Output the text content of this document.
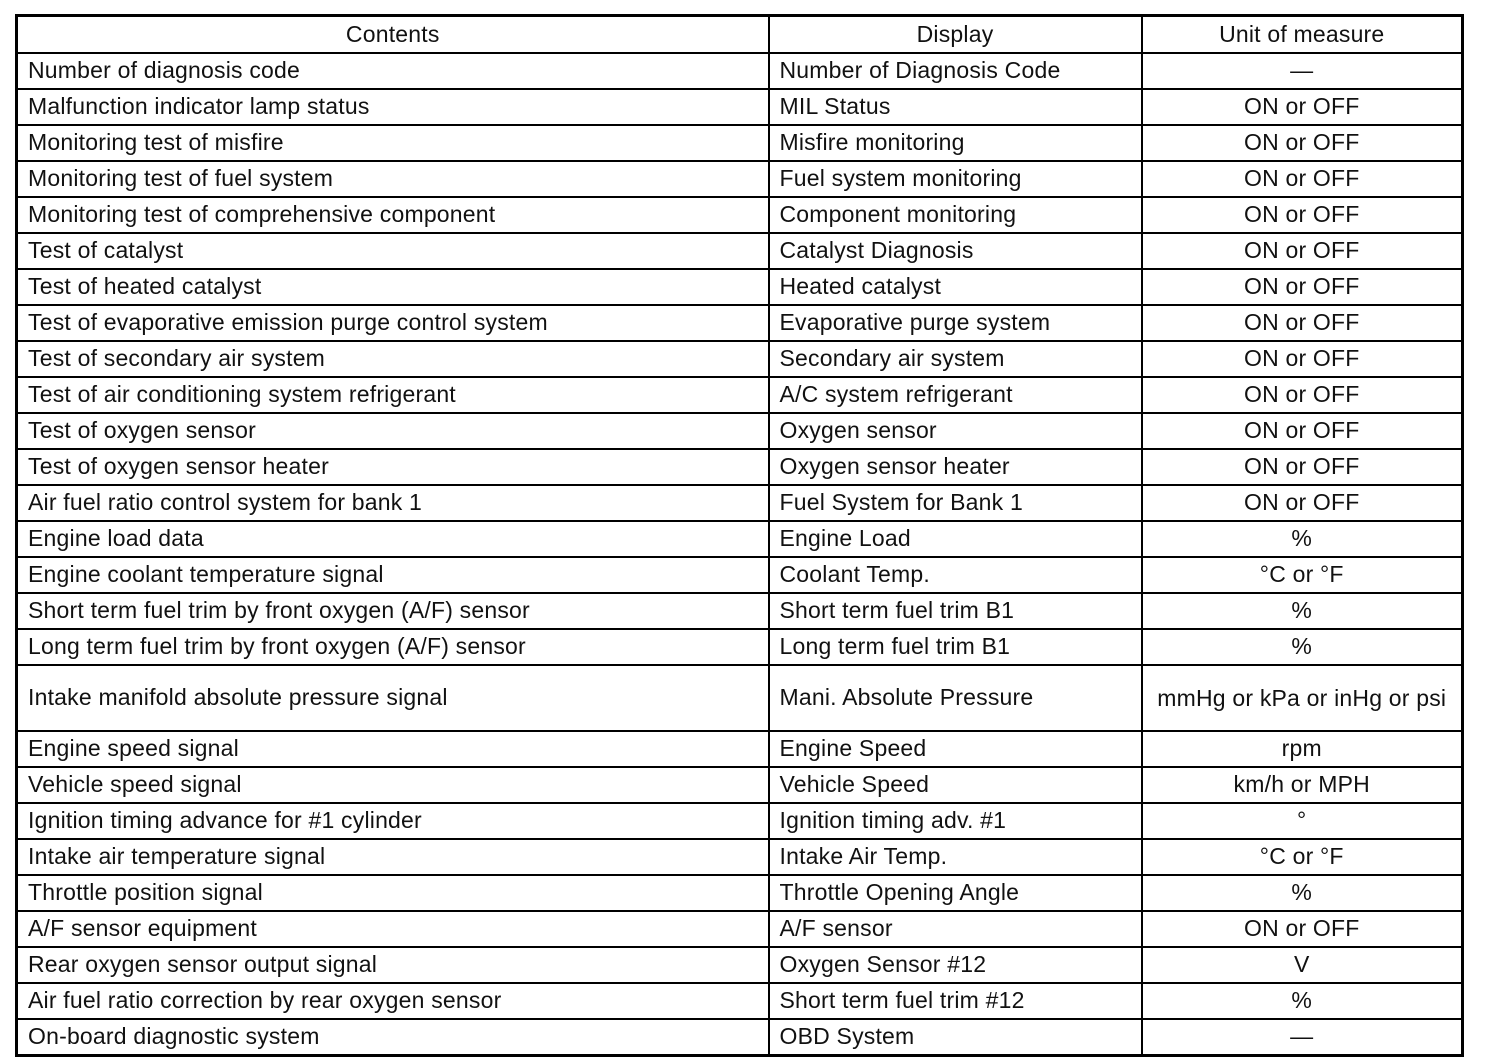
Contents	Display	Unit of measure
Number of diagnosis code	Number of Diagnosis Code	—
Malfunction indicator lamp status	MIL Status	ON or OFF
Monitoring test of misfire	Misfire monitoring	ON or OFF
Monitoring test of fuel system	Fuel system monitoring	ON or OFF
Monitoring test of comprehensive component	Component monitoring	ON or OFF
Test of catalyst	Catalyst Diagnosis	ON or OFF
Test of heated catalyst	Heated catalyst	ON or OFF
Test of evaporative emission purge control system	Evaporative purge system	ON or OFF
Test of secondary air system	Secondary air system	ON or OFF
Test of air conditioning system refrigerant	A/C system refrigerant	ON or OFF
Test of oxygen sensor	Oxygen sensor	ON or OFF
Test of oxygen sensor heater	Oxygen sensor heater	ON or OFF
Air fuel ratio control system for bank 1	Fuel System for Bank 1	ON or OFF
Engine load data	Engine Load	%
Engine coolant temperature signal	Coolant Temp.	°C or °F
Short term fuel trim by front oxygen (A/F) sensor	Short term fuel trim B1	%
Long term fuel trim by front oxygen (A/F) sensor	Long term fuel trim B1	%
Intake manifold absolute pressure signal	Mani. Absolute Pressure	mmHg or kPa or inHg or psi
Engine speed signal	Engine Speed	rpm
Vehicle speed signal	Vehicle Speed	km/h or MPH
Ignition timing advance for #1 cylinder	Ignition timing adv. #1	°
Intake air temperature signal	Intake Air Temp.	°C or °F
Throttle position signal	Throttle Opening Angle	%
A/F sensor equipment	A/F sensor	ON or OFF
Rear oxygen sensor output signal	Oxygen Sensor #12	V
Air fuel ratio correction by rear oxygen sensor	Short term fuel trim #12	%
On-board diagnostic system	OBD System	—
